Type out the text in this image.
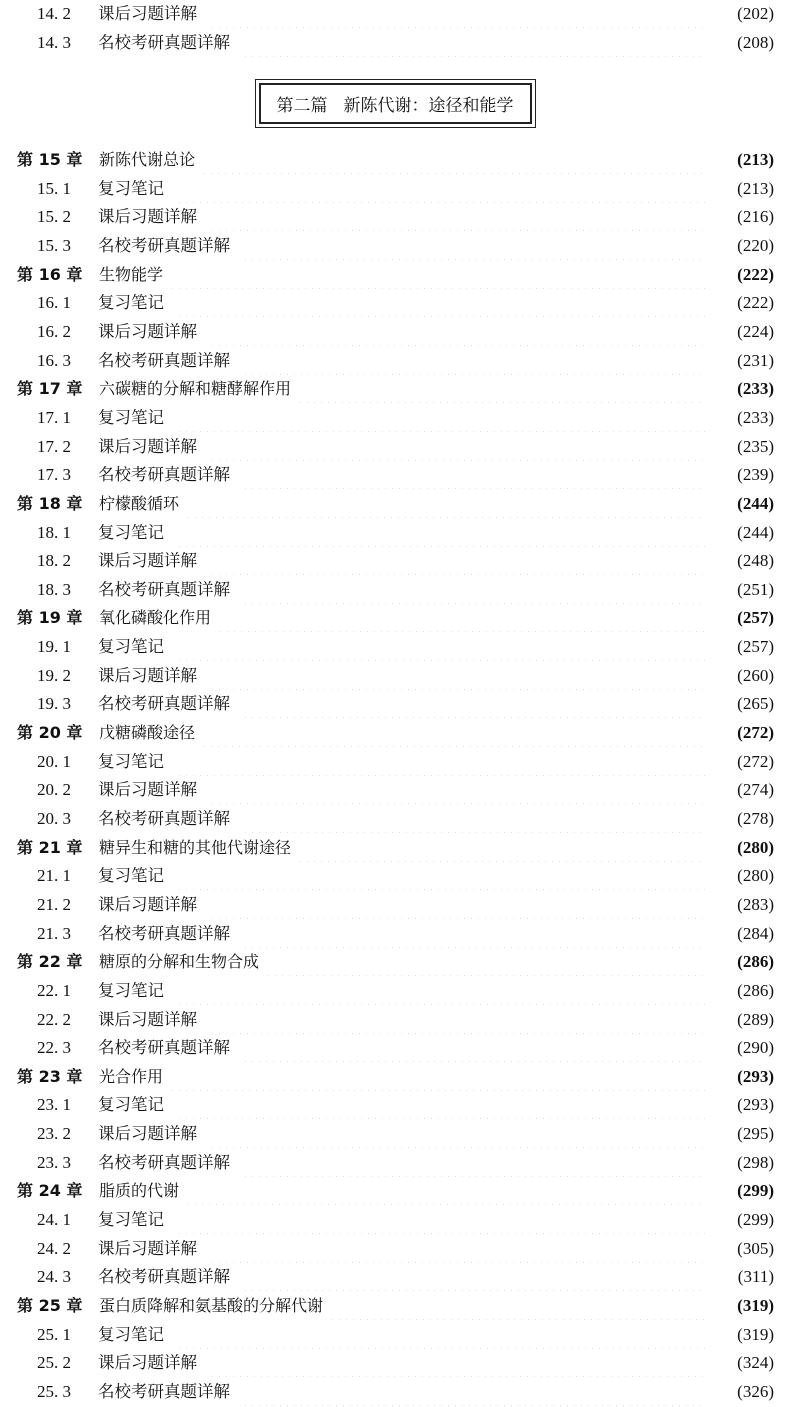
14. 2	课后习题详解	(202)
14. 3	名校考研真题详解	(208)
第二篇 新陈代谢：途径和能学
第 15 章 新陈代谢总论	(213)
15. 1	复习笔记	(213)
15. 2	课后习题详解	(216)
15. 3	名校考研真题详解	(220)
第 16 章 生物能学	(222)
16. 1	复习笔记	(222)
16. 2	课后习题详解	(224)
16. 3	名校考研真题详解	(231)
第 17 章 六碳糖的分解和糖酵解作用	(233)
17. 1	复习笔记	(233)
17. 2	课后习题详解	(235)
17. 3	名校考研真题详解	(239)
第 18 章 柠檬酸循环	(244)
18. 1	复习笔记	(244)
18. 2	课后习题详解	(248)
18. 3	名校考研真题详解	(251)
第 19 章 氧化磷酸化作用	(257)
19. 1	复习笔记	(257)
19. 2	课后习题详解	(260)
19. 3	名校考研真题详解	(265)
第 20 章 戊糖磷酸途径	(272)
20. 1	复习笔记	(272)
20. 2	课后习题详解	(274)
20. 3	名校考研真题详解	(278)
第 21 章 糖异生和糖的其他代谢途径	(280)
21. 1	复习笔记	(280)
21. 2	课后习题详解	(283)
21. 3	名校考研真题详解	(284)
第 22 章 糖原的分解和生物合成	(286)
22. 1	复习笔记	(286)
22. 2	课后习题详解	(289)
22. 3	名校考研真题详解	(290)
第 23 章 光合作用	(293)
23. 1	复习笔记	(293)
23. 2	课后习题详解	(295)
23. 3	名校考研真题详解	(298)
第 24 章 脂质的代谢	(299)
24. 1	复习笔记	(299)
24. 2	课后习题详解	(305)
24. 3	名校考研真题详解	(311)
第 25 章 蛋白质降解和氨基酸的分解代谢	(319)
25. 1	复习笔记	(319)
25. 2	课后习题详解	(324)
25. 3	名校考研真题详解	(326)
